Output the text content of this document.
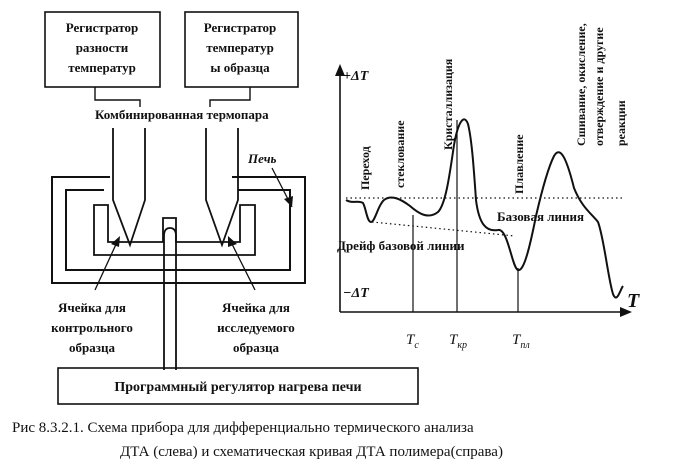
Регистратор
разности
температур
Регистратор
температур
ы образца
Комбинированная термопара
Печь
Ячейка для
контрольного
образца
Ячейка для
исследуемого
образца
Программный регулятор нагрева печи
+ΔT
−ΔT	T
Переход стеклование
Кристаллизация
Плавление
Сшивание, окисление, отверждение и другие реакции
Базовая линия
Дрейф базовой линии
$T_c$ $T_{кр}$	$T_{пл}$
Рис 8.3.2.1. Схема прибора для дифференциально термического анализа
ДТА (слева) и схематическая кривая ДТА полимера(справа)
